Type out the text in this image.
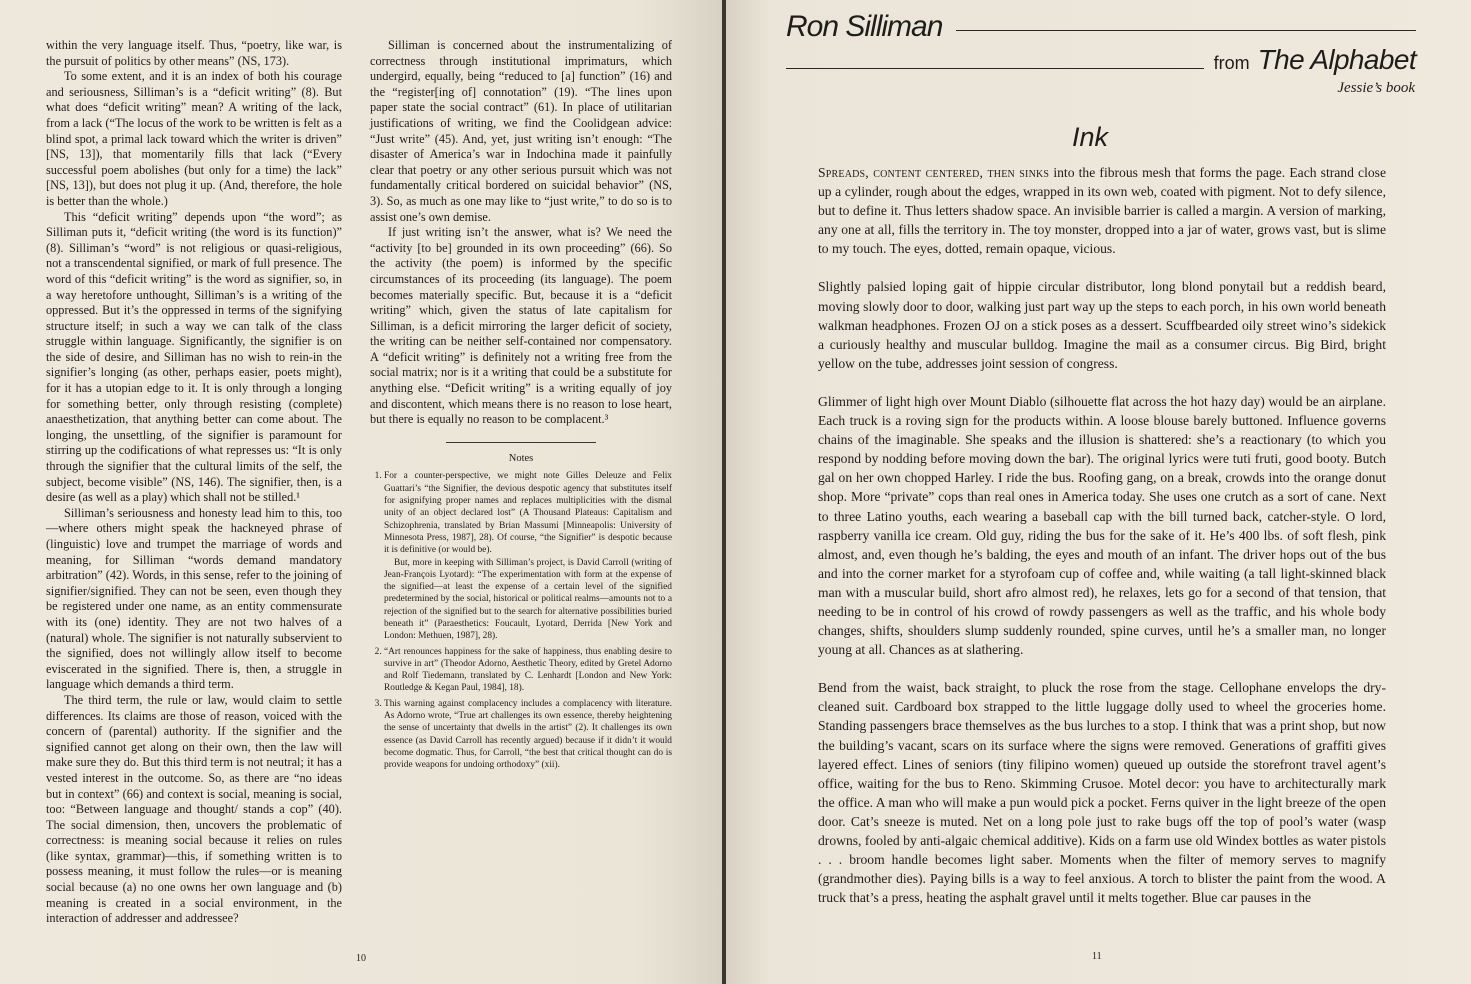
within the very language itself. Thus, “poetry, like war, is the pursuit of politics by other means” (NS, 173).

To some extent, and it is an index of both his courage and seriousness, Silliman’s is a “deficit writing” (8). But what does “deficit writing” mean? A writing of the lack, from a lack (“The locus of the work to be written is felt as a blind spot, a primal lack toward which the writer is driven” [NS, 13]), that momentarily fills that lack (“Every successful poem abolishes (but only for a time) the lack” [NS, 13]), but does not plug it up. (And, therefore, the hole is better than the whole.)

This “deficit writing” depends upon “the word”; as Silliman puts it, “deficit writing (the word is its function)” (8). Silliman’s “word” is not religious or quasi-religious, not a transcendental signified, or mark of full presence. The word of this “deficit writing” is the word as signifier, so, in a way heretofore unthought, Silliman’s is a writing of the oppressed. But it’s the oppressed in terms of the signifying structure itself; in such a way we can talk of the class struggle within language. Significantly, the signifier is on the side of desire, and Silliman has no wish to rein-in the signifier’s longing (as other, perhaps easier, poets might), for it has a utopian edge to it. It is only through a longing for something better, only through resisting (complete) anaesthetization, that anything better can come about. The longing, the unsettling, of the signifier is paramount for stirring up the codifications of what represses us: “It is only through the signifier that the cultural limits of the self, the subject, become visible” (NS, 146). The signifier, then, is a desire (as well as a play) which shall not be stilled.¹

Silliman’s seriousness and honesty lead him to this, too—where others might speak the hackneyed phrase of (linguistic) love and trumpet the marriage of words and meaning, for Silliman “words demand mandatory arbitration” (42). Words, in this sense, refer to the joining of signifier/signified. They can not be seen, even though they be registered under one name, as an entity commensurate with its (one) identity. They are not two halves of a (natural) whole. The signifier is not naturally subservient to the signified, does not willingly allow itself to become eviscerated in the signified. There is, then, a struggle in language which demands a third term.

The third term, the rule or law, would claim to settle differences. Its claims are those of reason, voiced with the concern of (parental) authority. If the signifier and the signified cannot get along on their own, then the law will make sure they do. But this third term is not neutral; it has a vested interest in the outcome. So, as there are “no ideas but in context” (66) and context is social, meaning is social, too: “Between language and thought/ stands a cop” (40). The social dimension, then, uncovers the problematic of correctness: is meaning social because it relies on rules (like syntax, grammar)—this, if something written is to possess meaning, it must follow the rules—or is meaning social because (a) no one owns her own language and (b) meaning is created in a social environment, in the interaction of addresser and addressee?

Silliman is concerned about the instrumentalizing of correctness through institutional imprimaturs, which undergird, equally, being “reduced to [a] function” (16) and the “register[ing of] connotation” (19). “The lines upon paper state the social contract” (61). In place of utilitarian justifications of writing, we find the Coolidgean advice: “Just write” (45). And, yet, just writing isn’t enough: “The disaster of America’s war in Indochina made it painfully clear that poetry or any other serious pursuit which was not fundamentally critical bordered on suicidal behavior” (NS, 3). So, as much as one may like to “just write,” to do so is to assist one’s own demise.

If just writing isn’t the answer, what is? We need the “activity [to be] grounded in its own proceeding” (66). So the activity (the poem) is informed by the specific circumstances of its proceeding (its language). The poem becomes materially specific. But, because it is a “deficit writing” which, given the status of late capitalism for Silliman, is a deficit mirroring the larger deficit of society, the writing can be neither self-contained nor compensatory. A “deficit writing” is definitely not a writing free from the social matrix; nor is it a writing that could be a substitute for anything else. “Deficit writing” is a writing equally of joy and discontent, which means there is no reason to lose heart, but there is equally no reason to be complacent.³

Notes

1. For a counter-perspective, we might note Gilles Deleuze and Felix Guattari’s “the Signifier, the devious despotic agency that substitutes itself for asignifying proper names and replaces multiplicities with the dismal unity of an object declared lost” (A Thousand Plateaus: Capitalism and Schizophrenia, translated by Brian Massumi [Minneapolis: University of Minnesota Press, 1987], 28). Of course, “the Signifier” is despotic because it is definitive (or would be).

But, more in keeping with Silliman’s project, is David Carroll (writing of Jean-François Lyotard): “The experimentation with form at the expense of the signified—at least the expense of a certain level of the signified predetermined by the social, historical or political realms—amounts not to a rejection of the signified but to the search for alternative possibilities buried beneath it” (Paraesthetics: Foucault, Lyotard, Derrida [New York and London: Methuen, 1987], 28).

2. “Art renounces happiness for the sake of happiness, thus enabling desire to survive in art” (Theodor Adorno, Aesthetic Theory, edited by Gretel Adorno and Rolf Tiedemann, translated by C. Lenhardt [London and New York: Routledge & Kegan Paul, 1984], 18).

3. This warning against complacency includes a complacency with literature. As Adorno wrote, “True art challenges its own essence, thereby heightening the sense of uncertainty that dwells in the artist” (2). It challenges its own essence (as David Carroll has recently argued) because if it didn’t it would become dogmatic. Thus, for Carroll, “the best that critical thought can do is provide weapons for undoing orthodoxy” (xii).

10
Ron Silliman
from The Alphabet
Jessie’s book
Ink

Spreads, content centered, then sinks into the fibrous mesh that forms the page. Each strand close up a cylinder, rough about the edges, wrapped in its own web, coated with pigment. Not to defy silence, but to define it. Thus letters shadow space. An invisible barrier is called a margin. A version of marking, any one at all, fills the territory in. The toy monster, dropped into a jar of water, grows vast, but is slime to my touch. The eyes, dotted, remain opaque, vicious.

Slightly palsied loping gait of hippie circular distributor, long blond ponytail but a reddish beard, moving slowly door to door, walking just part way up the steps to each porch, in his own world beneath walkman headphones. Frozen OJ on a stick poses as a dessert. Scuffbearded oily street wino’s sidekick a curiously healthy and muscular bulldog. Imagine the mail as a consumer circus. Big Bird, bright yellow on the tube, addresses joint session of congress.

Glimmer of light high over Mount Diablo (silhouette flat across the hot hazy day) would be an airplane. Each truck is a roving sign for the products within. A loose blouse barely buttoned. Influence governs chains of the imaginable. She speaks and the illusion is shattered: she’s a reactionary (to which you respond by nodding before moving down the bar). The original lyrics were tuti fruti, good booty. Butch gal on her own chopped Harley. I ride the bus. Roofing gang, on a break, crowds into the orange donut shop. More “private” cops than real ones in America today. She uses one crutch as a sort of cane. Next to three Latino youths, each wearing a baseball cap with the bill turned back, catcher-style. O lord, raspberry vanilla ice cream. Old guy, riding the bus for the sake of it. He’s 400 lbs. of soft flesh, pink almost, and, even though he’s balding, the eyes and mouth of an infant. The driver hops out of the bus and into the corner market for a styrofoam cup of coffee and, while waiting (a tall light-skinned black man with a muscular build, short afro almost red), he relaxes, lets go for a second of that tension, that needing to be in control of his crowd of rowdy passengers as well as the traffic, and his whole body changes, shifts, shoulders slump suddenly rounded, spine curves, until he’s a smaller man, no longer young at all. Chances as at slathering.

Bend from the waist, back straight, to pluck the rose from the stage. Cellophane envelops the dry-cleaned suit. Cardboard box strapped to the little luggage dolly used to wheel the groceries home. Standing passengers brace themselves as the bus lurches to a stop. I think that was a print shop, but now the building’s vacant, scars on its surface where the signs were removed. Generations of graffiti gives layered effect. Lines of seniors (tiny filipino women) queued up outside the storefront travel agent’s office, waiting for the bus to Reno. Skimming Crusoe. Motel decor: you have to architecturally mark the office. A man who will make a pun would pick a pocket. Ferns quiver in the light breeze of the open door. Cat’s sneeze is muted. Net on a long pole just to rake bugs off the top of pool’s water (wasp drowns, fooled by anti-algaic chemical additive). Kids on a farm use old Windex bottles as water pistols . . . broom handle becomes light saber. Moments when the filter of memory serves to magnify (grandmother dies). Paying bills is a way to feel anxious. A torch to blister the paint from the wood. A truck that’s a press, heating the asphalt gravel until it melts together. Blue car pauses in the

11
